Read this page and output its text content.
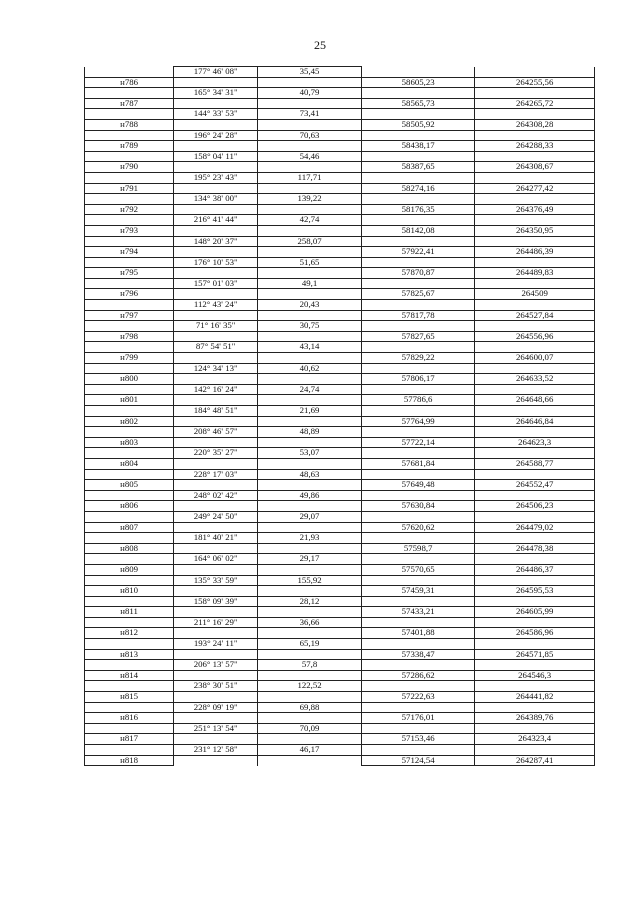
25
	177° 46' 08"	35,45		
н786			58605,23	264255,56
	165° 34' 31"	40,79		
н787			58565,73	264265,72
	144° 33' 53"	73,41		
н788			58505,92	264308,28
	196° 24' 28"	70,63		
н789			58438,17	264288,33
	158° 04' 11"	54,46		
н790			58387,65	264308,67
	195° 23' 43"	117,71		
н791			58274,16	264277,42
	134° 38' 00"	139,22		
н792			58176,35	264376,49
	216° 41' 44"	42,74		
н793			58142,08	264350,95
	148° 20' 37"	258,07		
н794			57922,41	264486,39
	176° 10' 53"	51,65		
н795			57870,87	264489,83
	157° 01' 03"	49,1		
н796			57825,67	264509
	112° 43' 24"	20,43		
н797			57817,78	264527,84
	71° 16' 35"	30,75		
н798			57827,65	264556,96
	87° 54' 51"	43,14		
н799			57829,22	264600,07
	124° 34' 13"	40,62		
н800			57806,17	264633,52
	142° 16' 24"	24,74		
н801			57786,6	264648,66
	184° 48' 51"	21,69		
н802			57764,99	264646,84
	208° 46' 57"	48,89		
н803			57722,14	264623,3
	220° 35' 27"	53,07		
н804			57681,84	264588,77
	228° 17' 03"	48,63		
н805			57649,48	264552,47
	248° 02' 42"	49,86		
н806			57630,84	264506,23
	249° 24' 50"	29,07		
н807			57620,62	264479,02
	181° 40' 21"	21,93		
н808			57598,7	264478,38
	164° 06' 02"	29,17		
н809			57570,65	264486,37
	135° 33' 59"	155,92		
н810			57459,31	264595,53
	158° 09' 39"	28,12		
н811			57433,21	264605,99
	211° 16' 29"	36,66		
н812			57401,88	264586,96
	193° 24' 11"	65,19		
н813			57338,47	264571,85
	206° 13' 57"	57,8		
н814			57286,62	264546,3
	238° 30' 51"	122,52		
н815			57222,63	264441,82
	228° 09' 19"	69,88		
н816			57176,01	264389,76
	251° 13' 54"	70,09		
н817			57153,46	264323,4
	231° 12' 58"	46,17		
н818			57124,54	264287,41
